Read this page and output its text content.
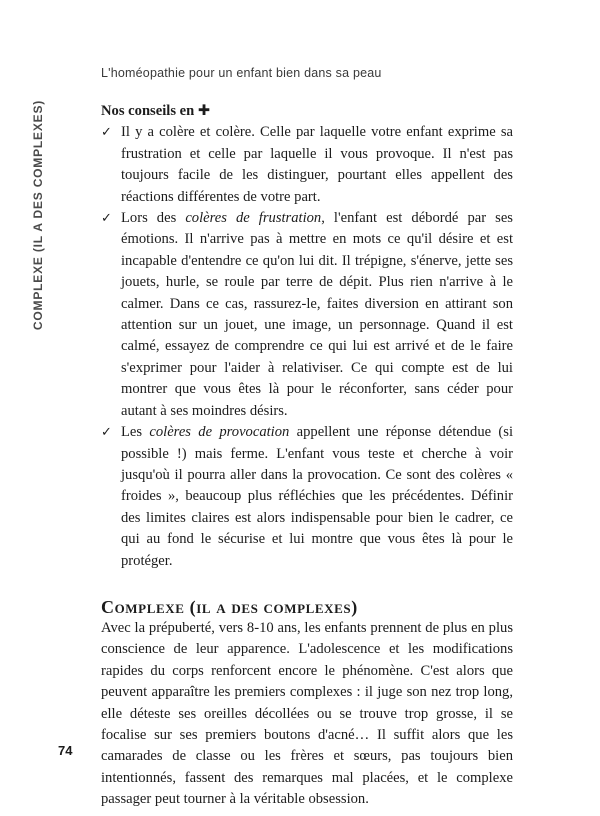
L'homéopathie pour un enfant bien dans sa peau
COMPLEXE (IL A DES COMPLEXES)	Nos conseils en ✚

✓ Il y a colère et colère. Celle par laquelle votre enfant exprime sa frustration et celle par laquelle il vous provoque. Il n'est pas toujours facile de les distinguer, pourtant elles appellent des réactions différentes de votre part.
✓ Lors des colères de frustration, l'enfant est débordé par ses émotions. Il n'arrive pas à mettre en mots ce qu'il désire et est incapable d'entendre ce qu'on lui dit. Il trépigne, s'énerve, jette ses jouets, hurle, se roule par terre de dépit. Plus rien n'arrive à le calmer. Dans ce cas, rassurez-le, faites diversion en attirant son attention sur un jouet, une image, un personnage. Quand il est calmé, essayez de comprendre ce qui lui est arrivé et de le faire s'exprimer pour l'aider à relativiser. Ce qui compte est de lui montrer que vous êtes là pour le réconforter, sans céder pour autant à ses moindres désirs.
✓ Les colères de provocation appellent une réponse détendue (si possible !) mais ferme. L'enfant vous teste et cherche à voir jusqu'où il pourra aller dans la provocation. Ce sont des colères « froides », beaucoup plus réfléchies que les précédentes. Définir des limites claires est alors indispensable pour bien le cadrer, ce qui au fond le sécurise et lui montre que vous êtes là pour le protéger.
Complexe (il a des complexes)

Avec la prépuberté, vers 8-10 ans, les enfants prennent de plus en plus conscience de leur apparence. L'adolescence et les modifications rapides du corps renforcent encore le phénomène. C'est alors que peuvent apparaître les premiers complexes : il juge son nez trop long, elle déteste ses oreilles décollées ou se trouve trop grosse, il se focalise sur ses premiers boutons d'acné… Il suffit alors que les camarades de classe ou les frères et sœurs, pas toujours bien intentionnés, fassent des remarques mal placées, et le complexe passager peut tourner à la véritable obsession.

74
